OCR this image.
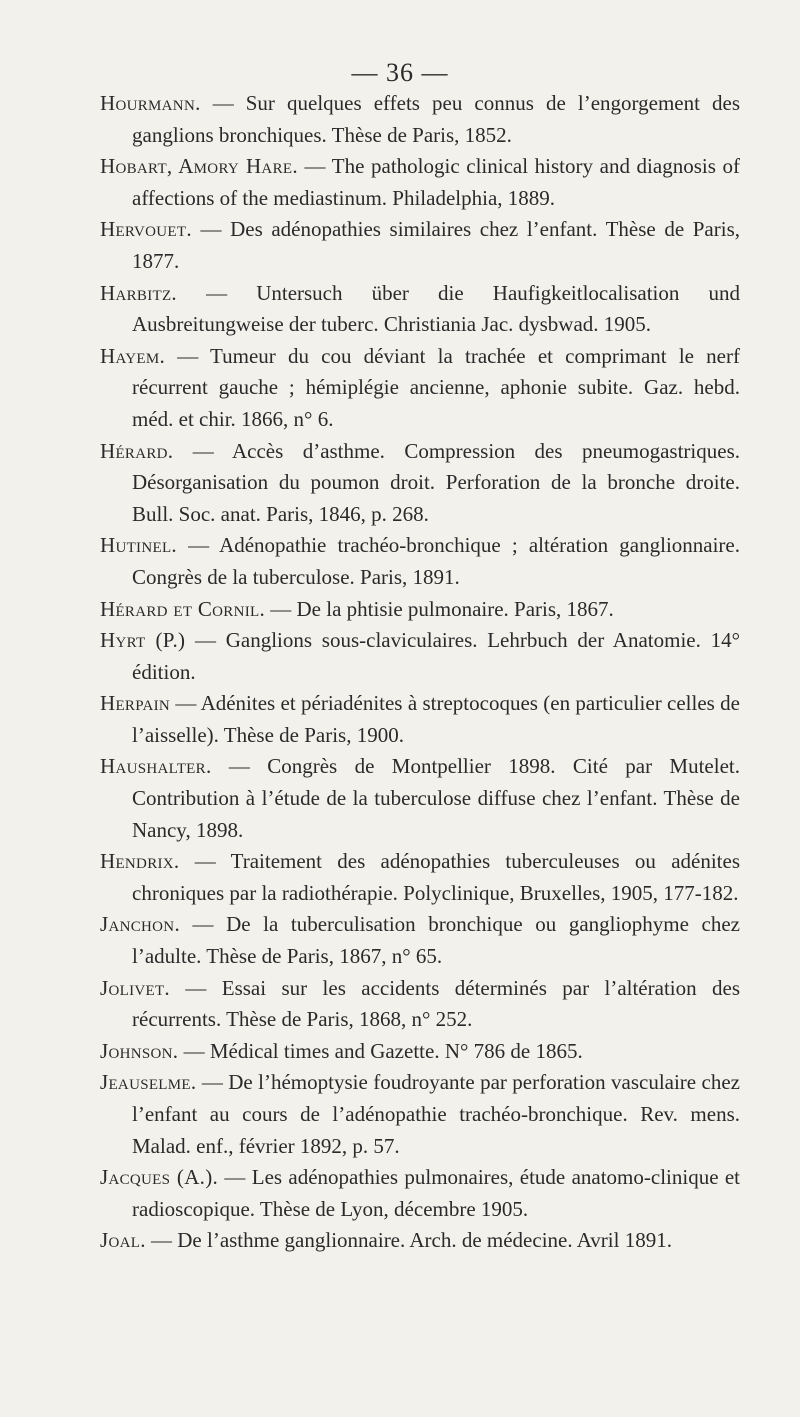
— 36 —

Hourmann. — Sur quelques effets peu connus de l’engorgement des ganglions bronchiques. Thèse de Paris, 1852.

Hobart, Amory Hare. — The pathologic clinical history and diagnosis of affections of the mediastinum. Philadelphia, 1889.

Hervouet. — Des adénopathies similaires chez l’enfant. Thèse de Paris, 1877.

Harbitz. — Untersuch über die Haufigkeitlocalisation und Ausbreitungweise der tuberc. Christiania Jac. dysbwad. 1905.

Hayem. — Tumeur du cou déviant la trachée et comprimant le nerf récurrent gauche ; hémiplégie ancienne, aphonie subite. Gaz. hebd. méd. et chir. 1866, n° 6.

Hérard. — Accès d’asthme. Compression des pneumogastriques. Désorganisation du poumon droit. Perforation de la bronche droite. Bull. Soc. anat. Paris, 1846, p. 268.

Hutinel. — Adénopathie trachéo-bronchique ; altération ganglionnaire. Congrès de la tuberculose. Paris, 1891.

Hérard et Cornil. — De la phtisie pulmonaire. Paris, 1867.

Hyrt (P.) — Ganglions sous-claviculaires. Lehrbuch der Anatomie. 14° édition.

Herpain — Adénites et périadénites à streptocoques (en particulier celles de l’aisselle). Thèse de Paris, 1900.

Haushalter. — Congrès de Montpellier 1898. Cité par Mutelet. Contribution à l’étude de la tuberculose diffuse chez l’enfant. Thèse de Nancy, 1898.

Hendrix. — Traitement des adénopathies tuberculeuses ou adénites chroniques par la radiothérapie. Polyclinique, Bruxelles, 1905, 177-182.

Janchon. — De la tuberculisation bronchique ou gangliophyme chez l’adulte. Thèse de Paris, 1867, n° 65.

Jolivet. — Essai sur les accidents déterminés par l’altération des récurrents. Thèse de Paris, 1868, n° 252.

Johnson. — Médical times and Gazette. N° 786 de 1865.

Jeauselme. — De l’hémoptysie foudroyante par perforation vasculaire chez l’enfant au cours de l’adénopathie trachéo-bronchique. Rev. mens. Malad. enf., février 1892, p. 57.

Jacques (A.). — Les adénopathies pulmonaires, étude anatomo-clinique et radioscopique. Thèse de Lyon, décembre 1905.

Joal. — De l’asthme ganglionnaire. Arch. de médecine. Avril 1891.
